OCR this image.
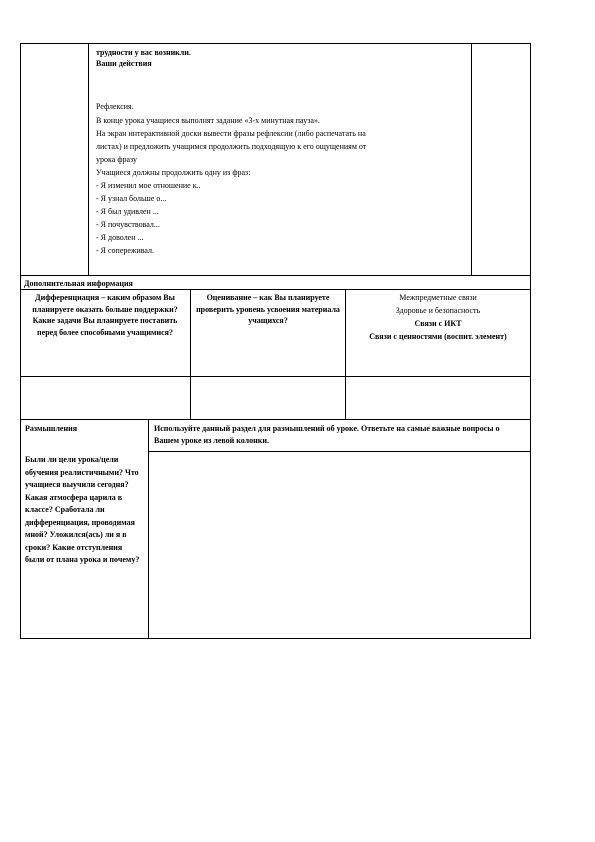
трудности у вас возникли.
Ваши действия
Рефлексия.
В конце урока учащиеся выполнят задание «3-х минутная пауза».
На экран интерактивной доски вывести фразы рефлексии (либо распечатать на
листах) и предложить учащимся продолжить подходящую к его ощущениям от
урока фразу
Учащиеся должны продолжить одну из фраз:
- Я изменил мое отношение к..
- Я узнал больше о...
- Я был удивлен ...
- Я почувствовал...
- Я доволен ...
- Я сопереживал.
Дополнительная информация
Дифференциация – каким образом Вы планируете оказать больше поддержки? Какие задачи Вы планируете поставить перед более способными учащимися?
Оценивание – как Вы планируете проверить уровень усвоения материала учащихся?
Межпредметные связи
Здоровье и безопасность
Связи с ИКТ
Связи с ценностями (воспит. элемент)
Размышления
Были ли цели урока/цели обучения реалистичными? Что учащиеся выучили сегодня? Какая атмосфера царила в классе? Сработала ли дифференциация, проводимая мной? Уложился(ась) ли я в сроки? Какие отступления были от плана урока и почему?
Используйте данный раздел для размышлений об уроке. Ответьте на самые важные вопросы о Вашем уроке из левой колонки.
